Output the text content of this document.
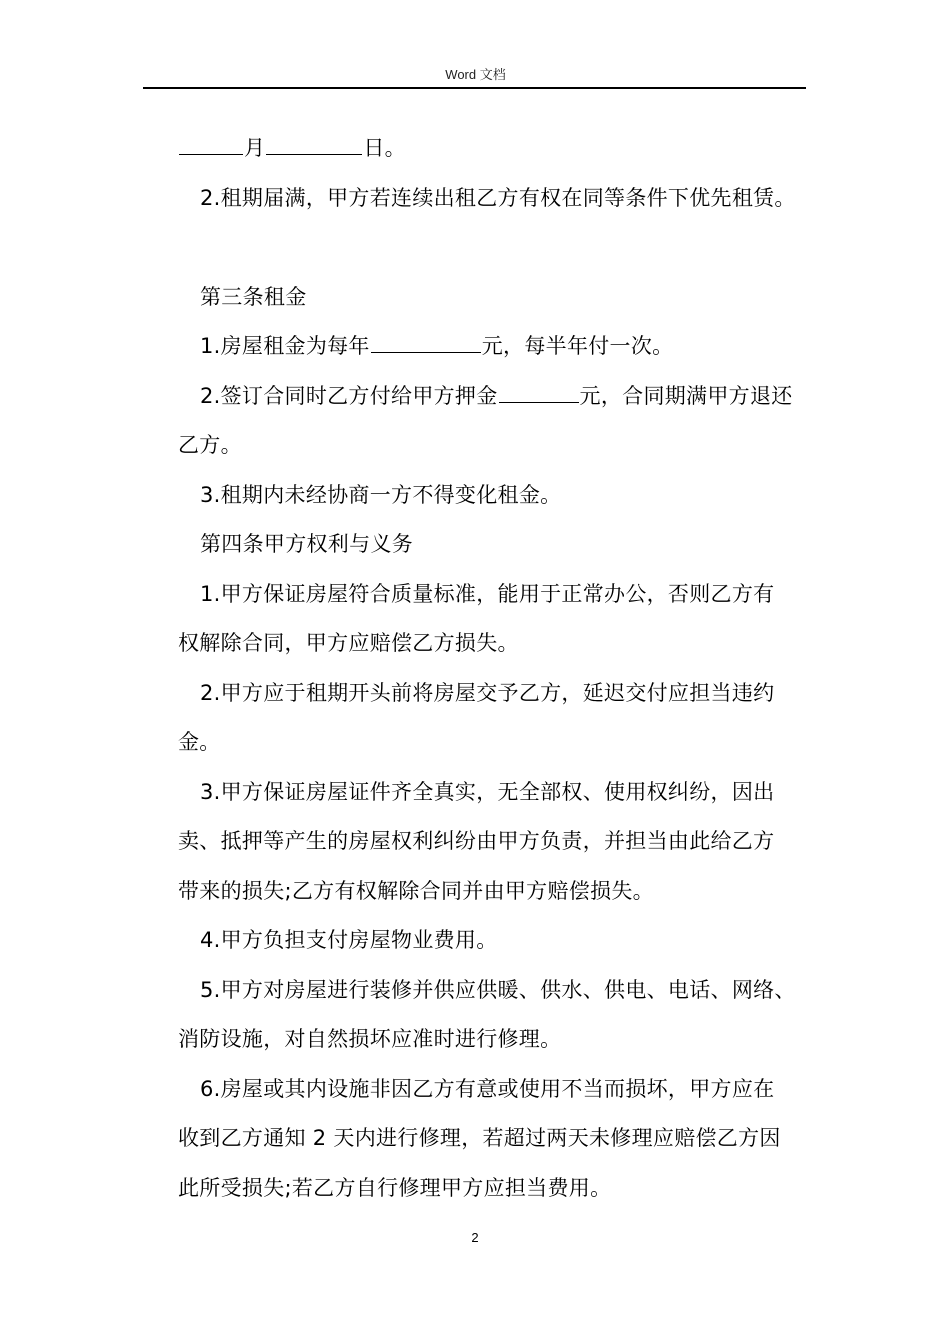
Word 文档

月	日。

2.租期届满，甲方若连续出租乙方有权在同等条件下优先租赁。

第三条租金

1.房屋租金为每年	元，每半年付一次。

2.签订合同时乙方付给甲方押金	元，合同期满甲方退还

乙方。

3.租期内未经协商一方不得变化租金。

第四条甲方权利与义务

1.甲方保证房屋符合质量标准，能用于正常办公，否则乙方有

权解除合同，甲方应赔偿乙方损失。

2.甲方应于租期开头前将房屋交予乙方，延迟交付应担当违约

金。

3.甲方保证房屋证件齐全真实，无全部权、使用权纠纷，因出

卖、抵押等产生的房屋权利纠纷由甲方负责，并担当由此给乙方

带来的损失;乙方有权解除合同并由甲方赔偿损失。

4.甲方负担支付房屋物业费用。

5.甲方对房屋进行装修并供应供暖、供水、供电、电话、网络、

消防设施，对自然损坏应准时进行修理。

6.房屋或其内设施非因乙方有意或使用不当而损坏，甲方应在

收到乙方通知 2 天内进行修理，若超过两天未修理应赔偿乙方因

此所受损失;若乙方自行修理甲方应担当费用。

2
